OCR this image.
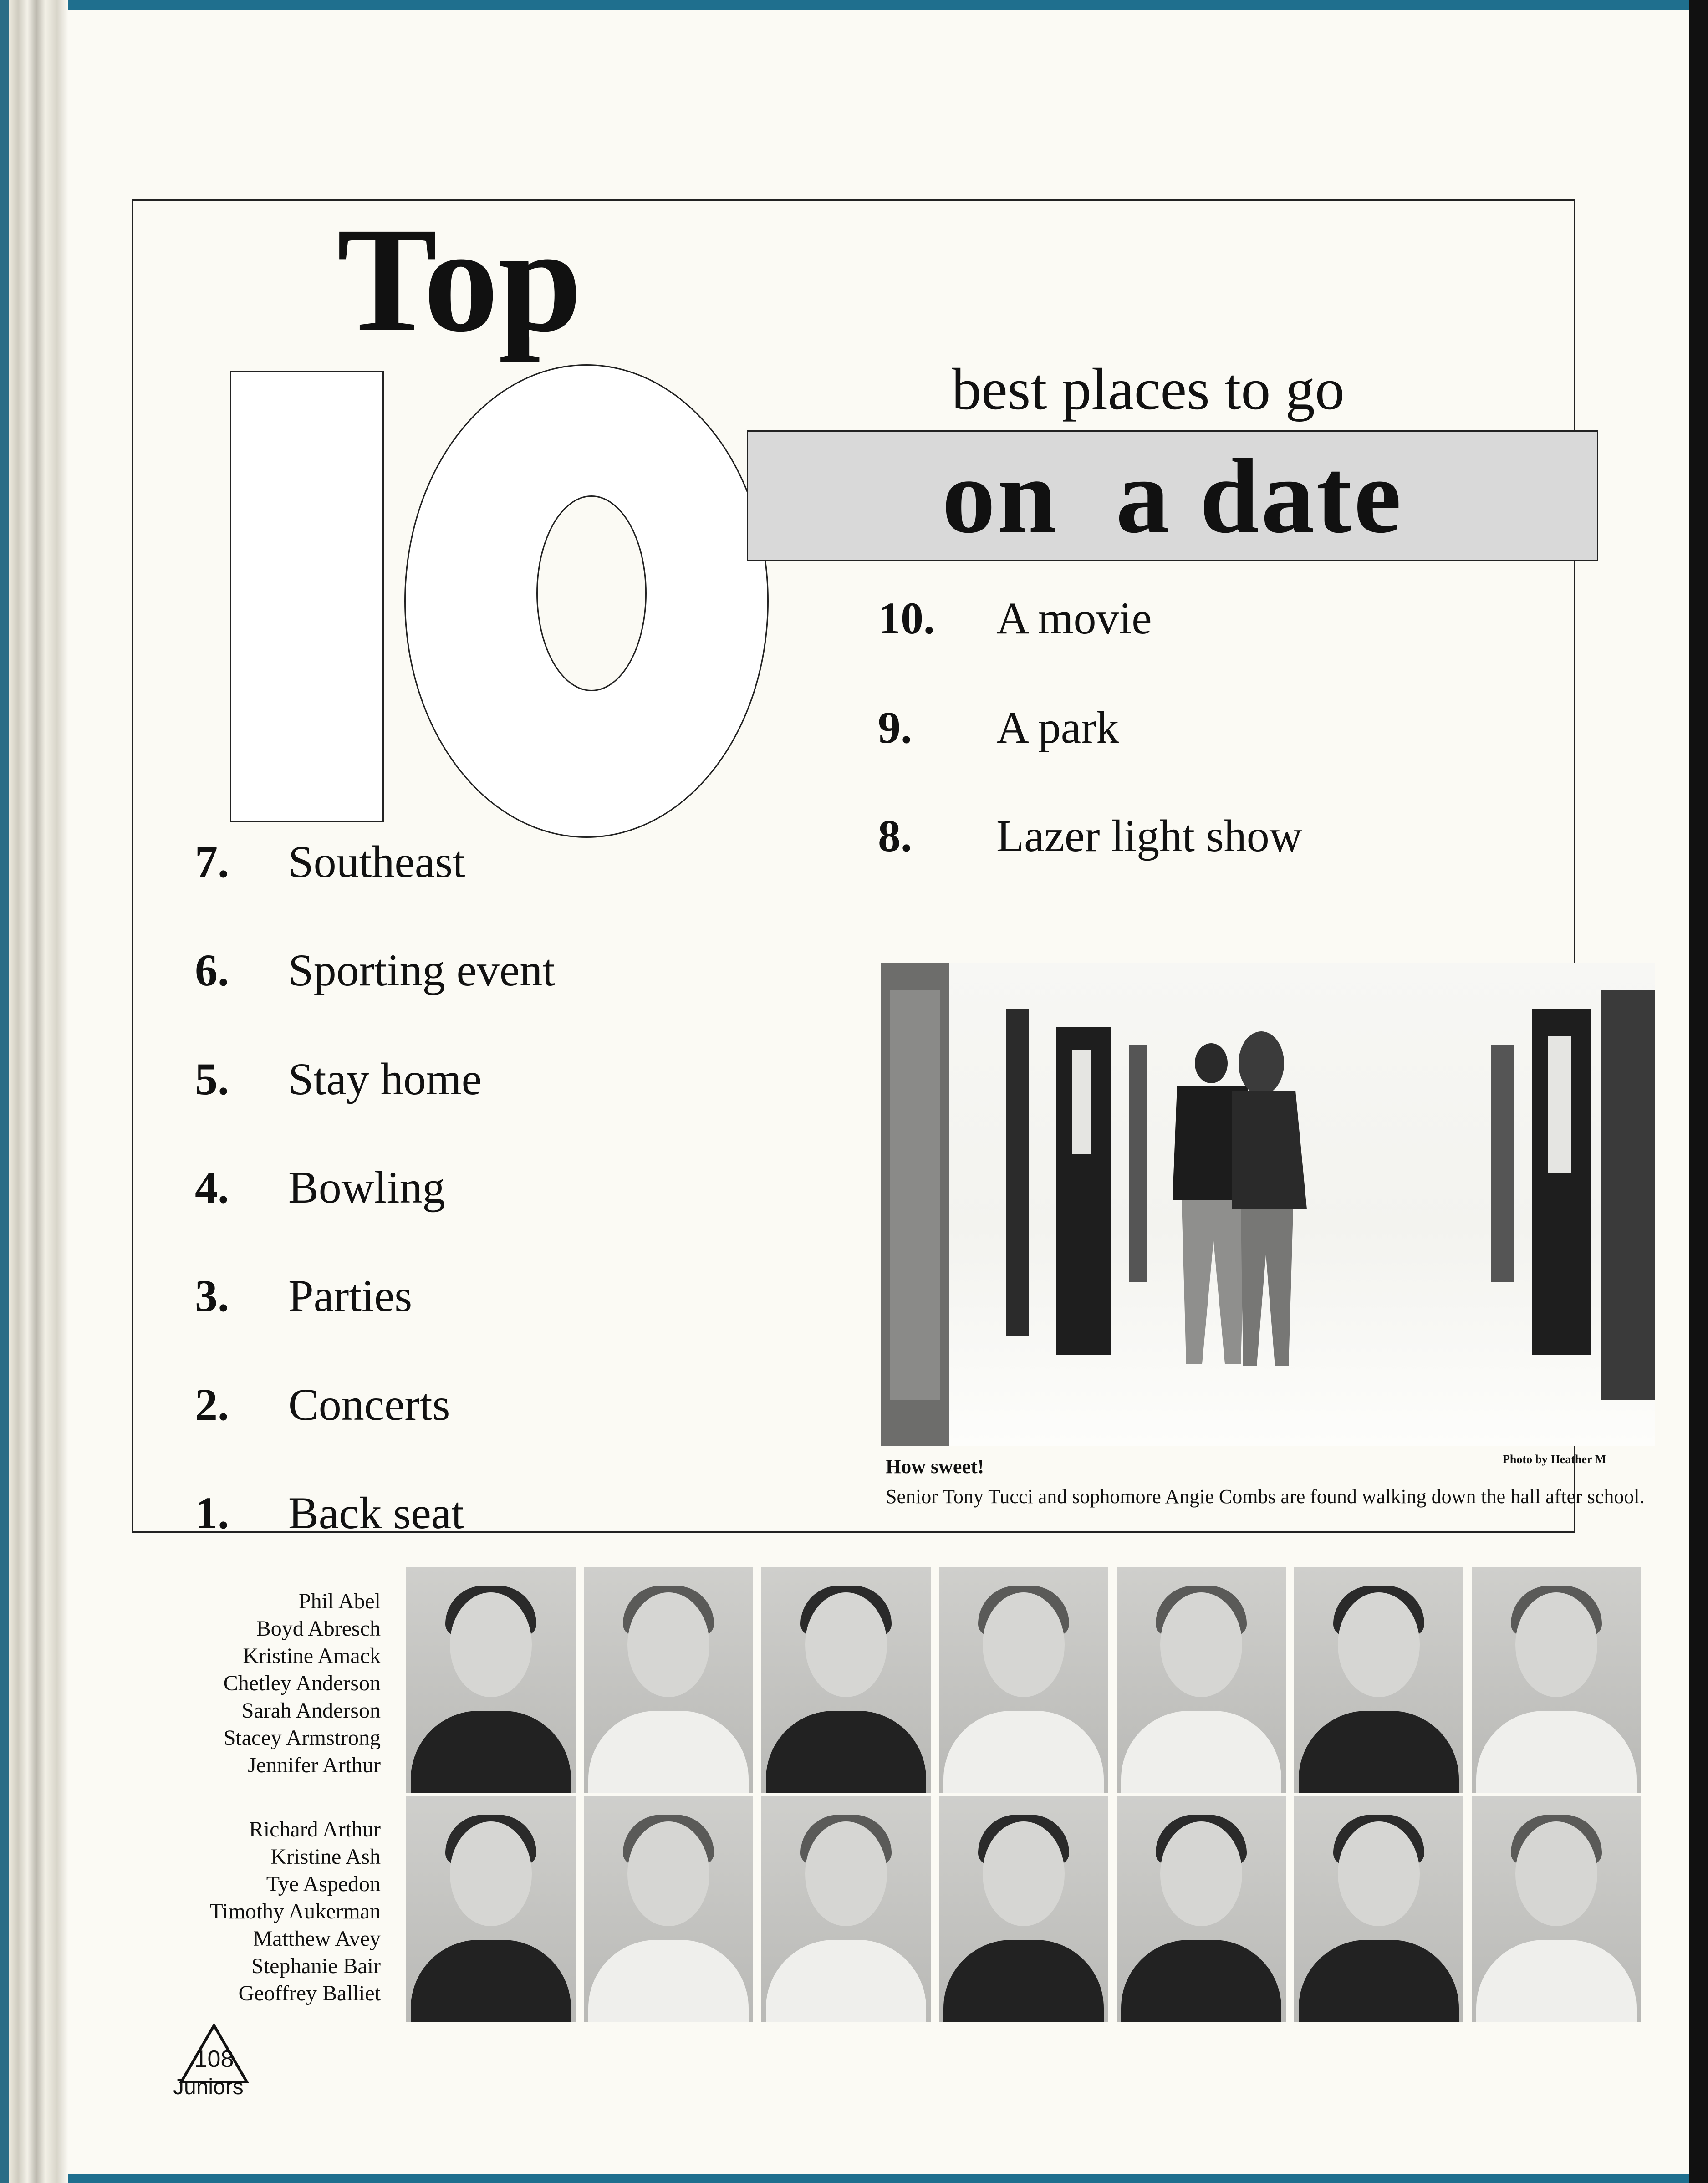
Top
best places to go
on  a date
10. A movie
9. A park
8. Lazer light show
7. Southeast
6. Sporting event
5. Stay home
4. Bowling
3. Parties
2. Concerts
1. Back seat
Photo by Heather M
How sweet!
Senior Tony Tucci and sophomore Angie Combs are found walking down the hall after school.
Phil Abel
Boyd Abresch
Kristine Amack
Chetley Anderson
Sarah Anderson
Stacey Armstrong
Jennifer Arthur
Richard Arthur
Kristine Ash
Tye Aspedon
Timothy Aukerman
Matthew Avey
Stephanie Bair
Geoffrey Balliet
108
Juniors
